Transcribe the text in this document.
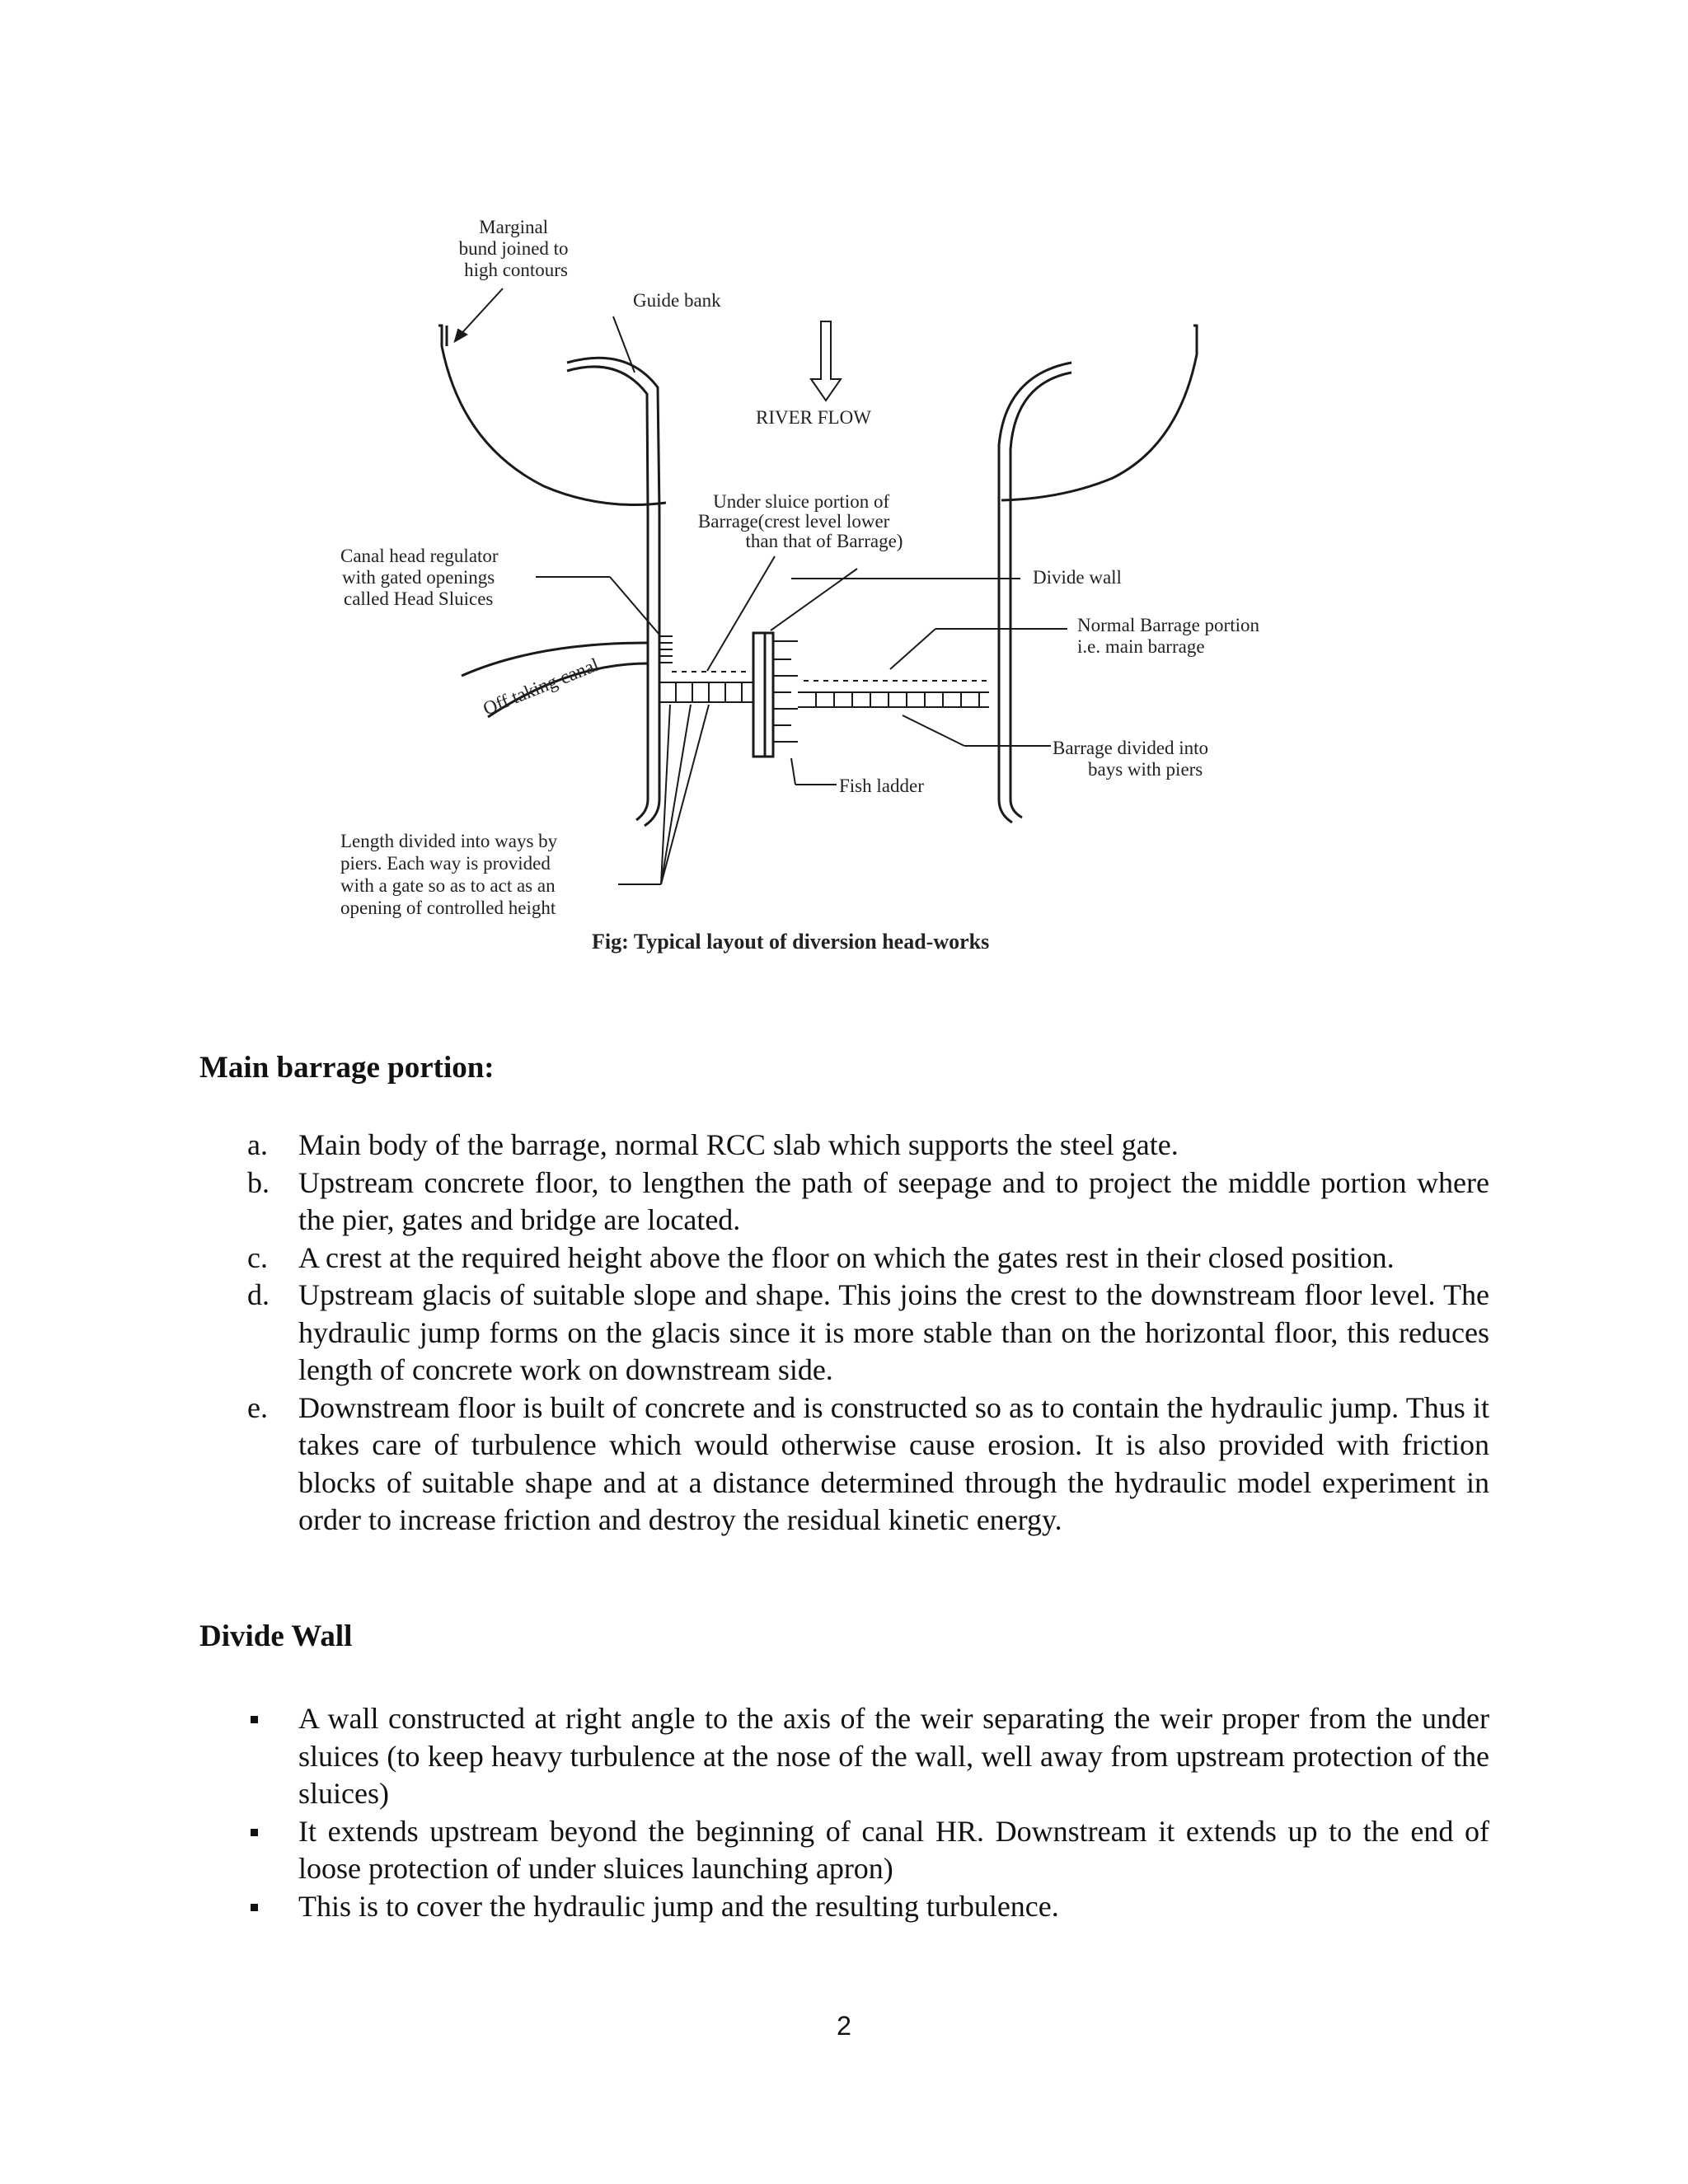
Marginal bund joined to high contours
Guide bank
RIVER FLOW
Under sluice portion of Barrage(crest level lower than that of Barrage)
Canal head regulator with gated openings called Head Sluices
Divide wall
Normal Barrage portion i.e. main barrage
Off taking canal
Barrage divided into bays with piers
Fish ladder
Length divided into ways by piers. Each way is provided with a gate so as to act as an opening of controlled height
Fig: Typical layout of diversion head-works
Main barrage portion:
a. Main body of the barrage, normal RCC slab which supports the steel gate.
b. Upstream concrete floor, to lengthen the path of seepage and to project the middle portion where the pier, gates and bridge are located.
c. A crest at the required height above the floor on which the gates rest in their closed position.
d. Upstream glacis of suitable slope and shape. This joins the crest to the downstream floor level. The hydraulic jump forms on the glacis since it is more stable than on the horizontal floor, this reduces length of concrete work on downstream side.
e. Downstream floor is built of concrete and is constructed so as to contain the hydraulic jump. Thus it takes care of turbulence which would otherwise cause erosion. It is also provided with friction blocks of suitable shape and at a distance determined through the hydraulic model experiment in order to increase friction and destroy the residual kinetic energy.
Divide Wall
A wall constructed at right angle to the axis of the weir separating the weir proper from the under sluices (to keep heavy turbulence at the nose of the wall, well away from upstream protection of the sluices)
It extends upstream beyond the beginning of canal HR. Downstream it extends up to the end of loose protection of under sluices launching apron)
This is to cover the hydraulic jump and the resulting turbulence.
2
